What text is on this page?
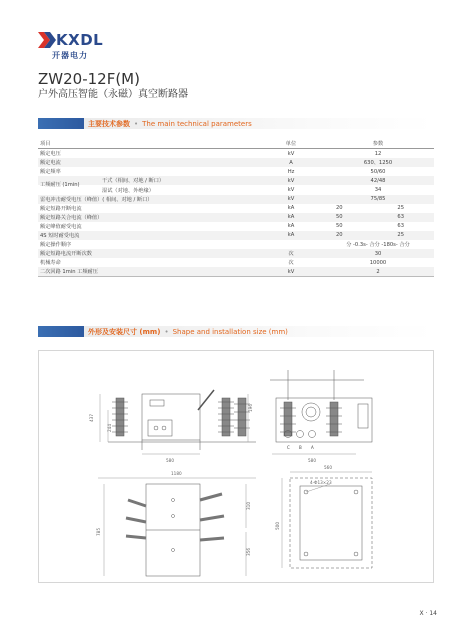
KXDL
开器电力
ZW20-12F(M)
户外高压智能（永磁）真空断路器
主要技术参数 • The main technical parameters
项目	单位	参数
额定电压	kV	12
额定电流	A	630、1250
额定频率	Hz	50/60

工频耐压 (1min)
干式（相间、对地 / 断口）	kV	42/48
湿试（对地、外绝缘）	kV	34
雷电冲击耐受电压（峰值）( 相间、对地 / 断口）	kV	75/85
额定短路开断电流	kA	20 25

额定短路关合电流（峰值）	kA	50 63

额定峰值耐受电流	kA	50 63

4S 短时耐受电流	kA	20 25

额定操作顺序		分 -0.3s- 合分 -180s- 合分
额定短路电流开断次数	次	30
机械寿命	次	10000
二次回路 1min 工频耐压	kV	2
外形及安装尺寸 (mm) • Shape and installation size (mm)
437
244
580
196
580
1180
785
310
356
560
500
4-Φ13×23
C B A
X · 14
